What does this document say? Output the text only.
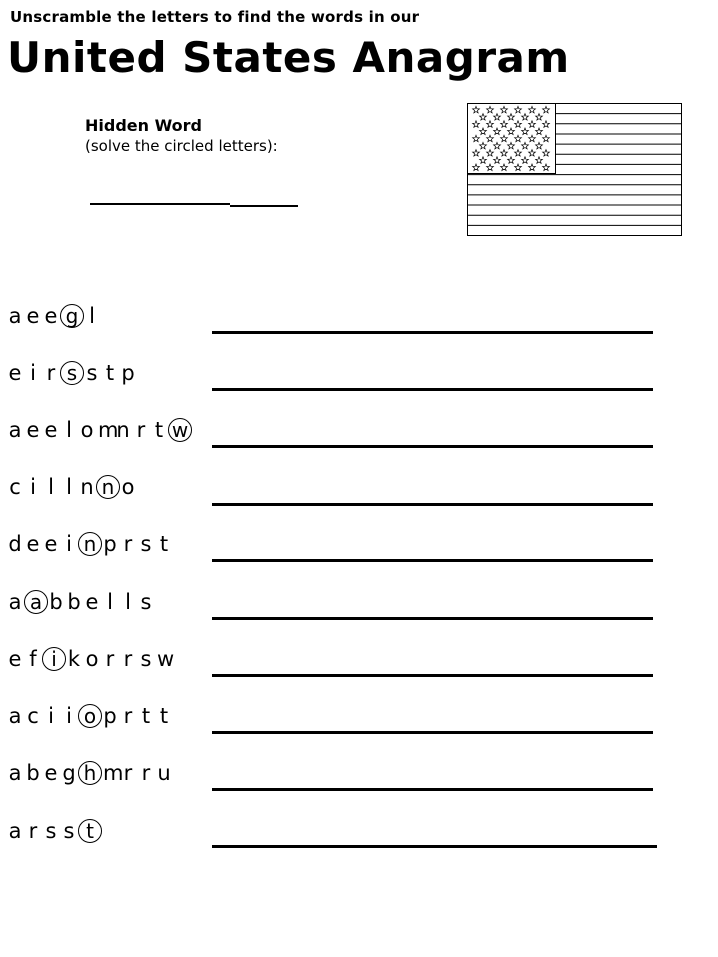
Unscramble the letters to find the words in our
United States Anagram
Hidden Word
(solve the circled letters):
a e e g l
e i r s s t p
a e e l o m
n r t w
c i l l n n o
d e e i n p r s t
a a b b e l l s
e f i k o r r s w
a c i i o p r t t
a b e g h m r r u
a r s s t
